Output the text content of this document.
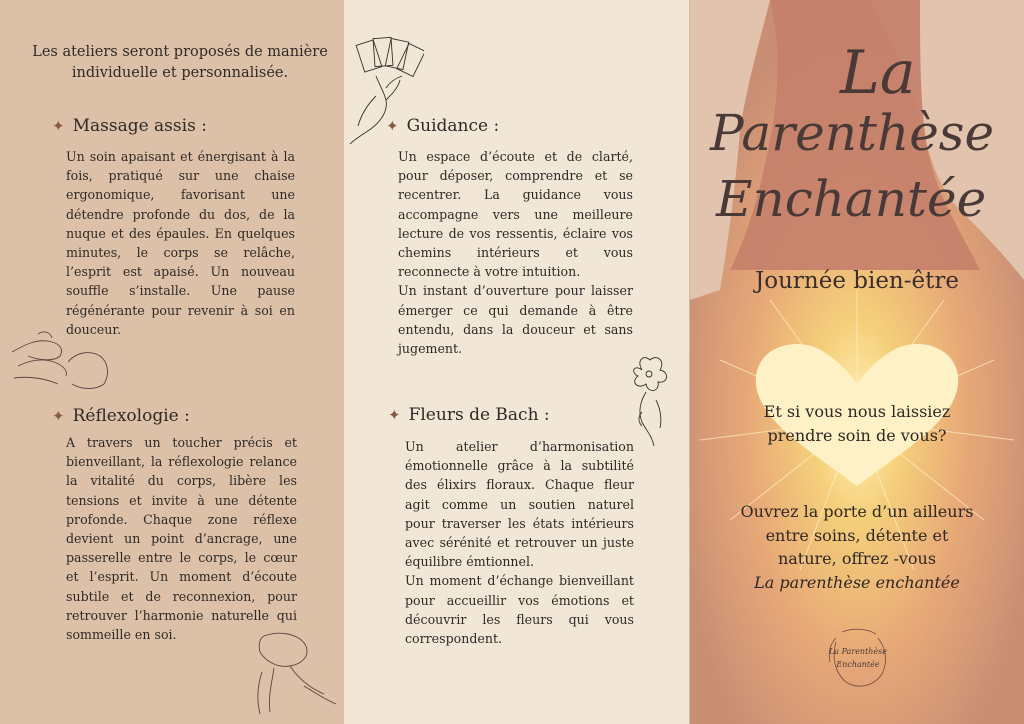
Les ateliers seront proposés de manière individuelle et personnalisée.
✦ Massage assis :

Un soin apaisant et énergisant à la fois, pratiqué sur une chaise ergonomique, favorisant une détendre profonde du dos, de la nuque et des épaules. En quelques minutes, le corps se relâche, l’esprit est apaisé. Un nouveau souffle s’installe. Une pause régénérante pour revenir à soi en douceur.

✦ Réflexologie :

A travers un toucher précis et bienveillant, la réflexologie relance la vitalité du corps, libère les tensions et invite à une détente profonde. Chaque zone réflexe devient un point d’ancrage, une passerelle entre le corps, le cœur et l’esprit. Un moment d’écoute subtile et de reconnexion, pour retrouver l’harmonie naturelle qui sommeille en soi.

✦ Guidance :

Un espace d’écoute et de clarté, pour déposer, comprendre et se recentrer. La guidance vous accompagne vers une meilleure lecture de vos ressentis, éclaire vos chemins intérieurs et vous reconnecte à votre intuition.

Un instant d’ouverture pour laisser émerger ce qui demande à être entendu, dans la douceur et sans jugement.

✦ Fleurs de Bach :

Un atelier d’harmonisation émotionnelle grâce à la subtilité des élixirs floraux. Chaque fleur agit comme un soutien naturel pour traverser les états intérieurs avec sérénité et retrouver un juste équilibre émtionnel.

Un moment d’échange bienveillant pour accueillir vos émotions et découvrir les fleurs qui vous correspondent.

La
Parenthèse
Enchantée
Journée bien-être
Et si vous nous laissiez
prendre soin de vous?
Ouvrez la porte d’un ailleurs
entre soins, détente et
nature, offrez -vous
La parenthèse enchantée
La Parenthèse
Enchantée
